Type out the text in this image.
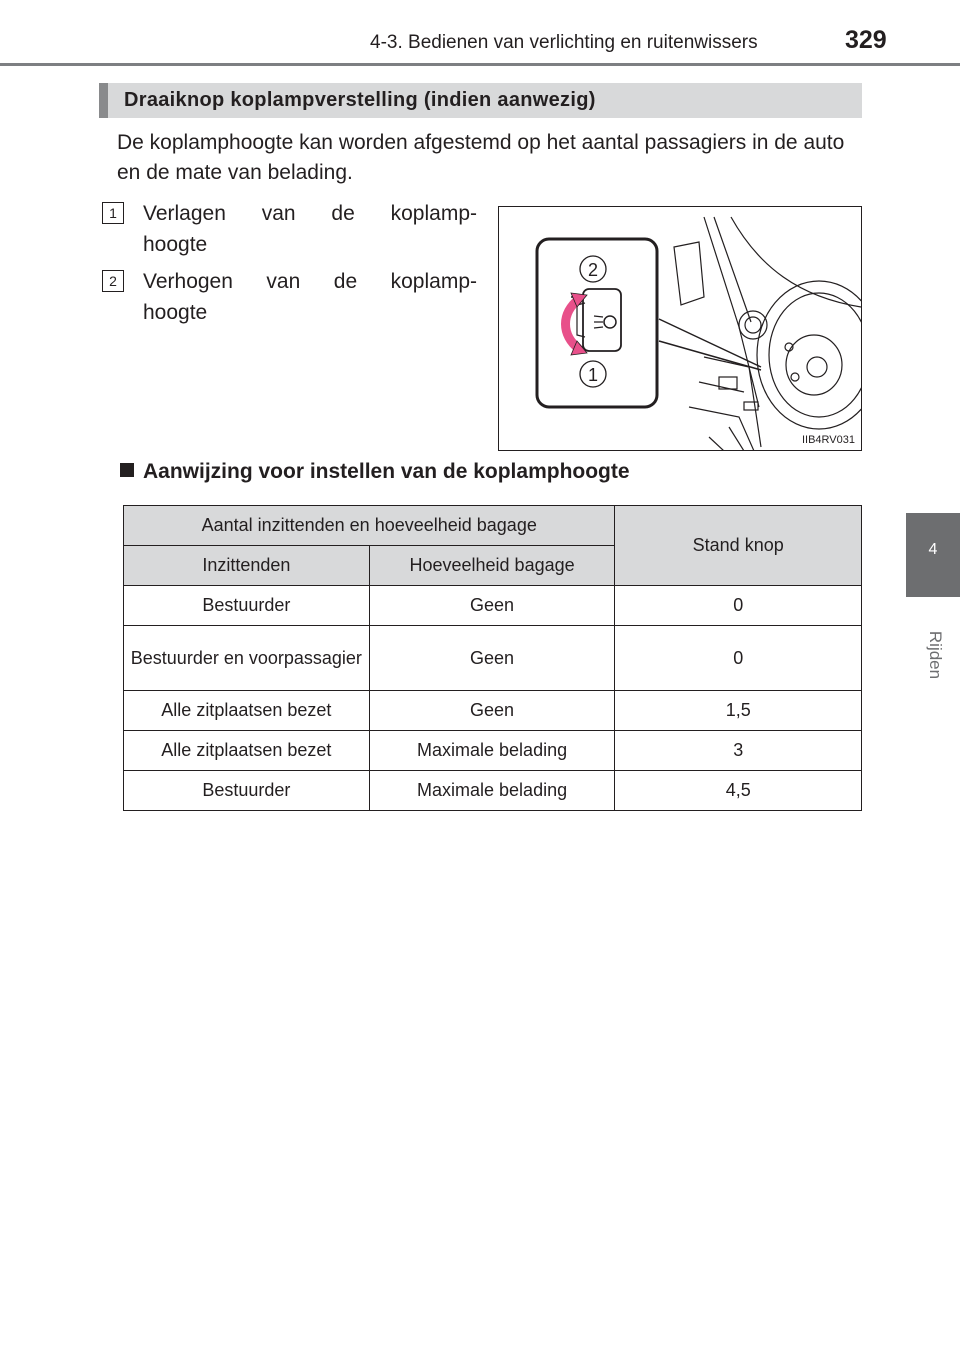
4-3. Bedienen van verlichting en ruitenwissers	329
4
Rijden
Draaiknop koplampverstelling (indien aanwezig)
De koplamphoogte kan worden afgestemd op het aantal passagiers in de auto en de mate van belading.
1	Verlagen van de koplamp-
hoogte
2	Verhogen van de koplamp-
hoogte
2
1
IIB4RV031
Aanwijzing voor instellen van de koplamphoogte
Aantal inzittenden en hoeveelheid bagage		Stand knop
Inzittenden	Hoeveelheid bagage	
Bestuurder	Geen	0
Bestuurder en voorpassagier	Geen	0
Alle zitplaatsen bezet	Geen	1,5
Alle zitplaatsen bezet	Maximale belading	3
Bestuurder	Maximale belading	4,5
